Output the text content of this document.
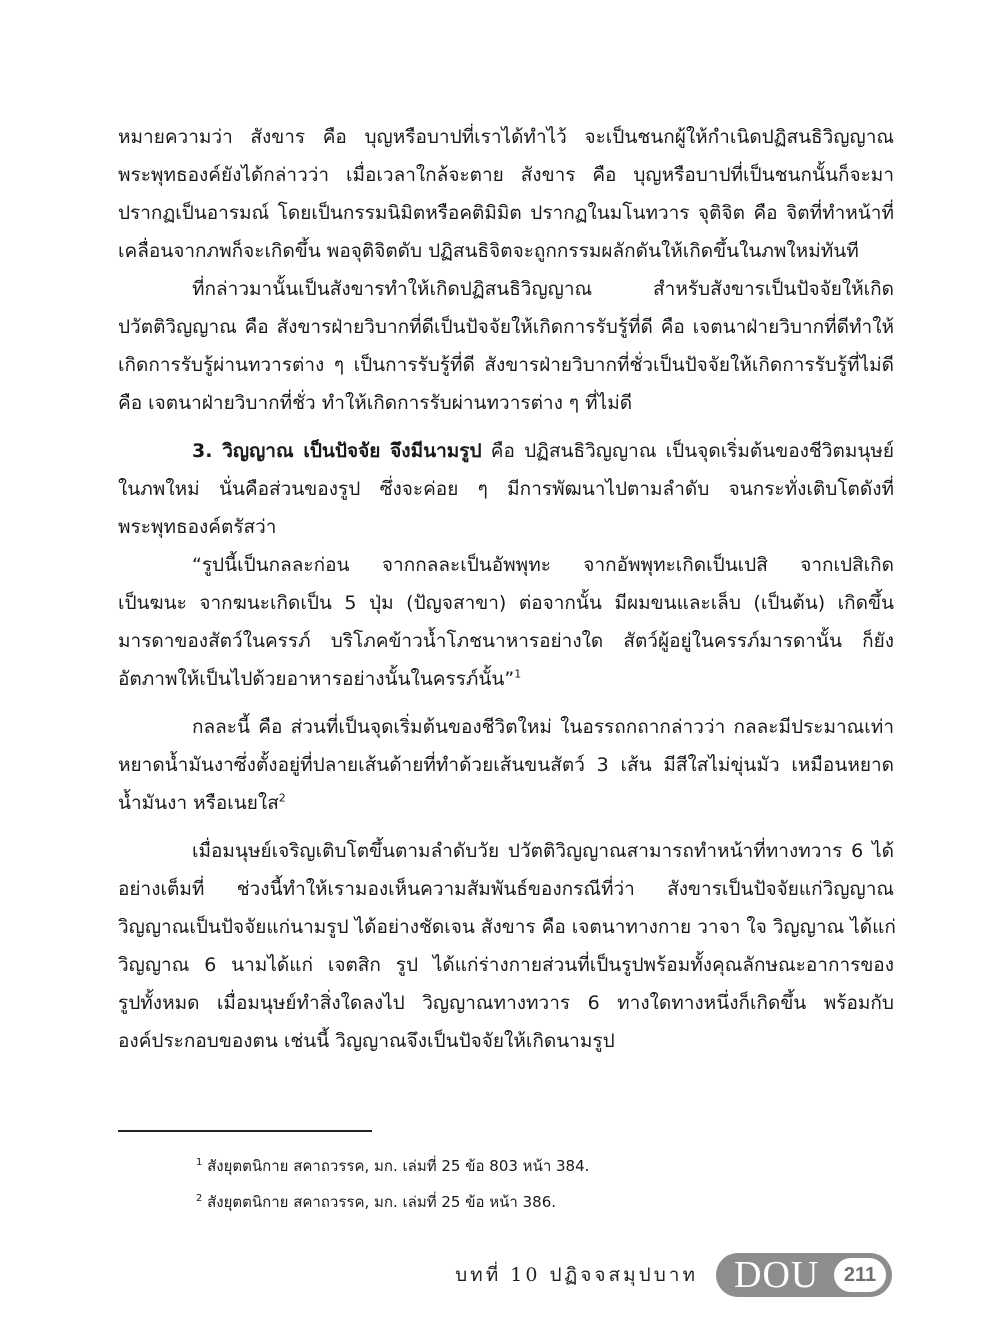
หมายความว่า สังขาร คือ บุญหรือบาปที่เราได้ทำไว้ จะเป็นชนกผู้ให้กำเนิดปฏิสนธิวิญญาณ
พระพุทธองค์ยังได้กล่าวว่า เมื่อเวลาใกล้จะตาย สังขาร คือ บุญหรือบาปที่เป็นชนกนั้นก็จะมา
ปรากฏเป็นอารมณ์ โดยเป็นกรรมนิมิตหรือคติมิมิต ปรากฏในมโนทวาร จุติจิต คือ จิตที่ทำหน้าที่
เคลื่อนจากภพก็จะเกิดขึ้น พอจุติจิตดับ ปฏิสนธิจิตจะถูกกรรมผลักดันให้เกิดขึ้นในภพใหม่ทันที
ที่กล่าวมานั้นเป็นสังขารทำให้เกิดปฏิสนธิวิญญาณ สำหรับสังขารเป็นปัจจัยให้เกิด
ปวัตติวิญญาณ คือ สังขารฝ่ายวิบากที่ดีเป็นปัจจัยให้เกิดการรับรู้ที่ดี คือ เจตนาฝ่ายวิบากที่ดีทำให้
เกิดการรับรู้ผ่านทวารต่าง ๆ เป็นการรับรู้ที่ดี สังขารฝ่ายวิบากที่ชั่วเป็นปัจจัยให้เกิดการรับรู้ที่ไม่ดี
คือ เจตนาฝ่ายวิบากที่ชั่ว ทำให้เกิดการรับผ่านทวารต่าง ๆ ที่ไม่ดี
3. วิญญาณ เป็นปัจจัย จึงมีนามรูป คือ ปฏิสนธิวิญญาณ เป็นจุดเริ่มต้นของชีวิตมนุษย์
ในภพใหม่ นั่นคือส่วนของรูป ซึ่งจะค่อย ๆ มีการพัฒนาไปตามลำดับ จนกระทั่งเติบโตดังที่
พระพุทธองค์ตรัสว่า
“รูปนี้เป็นกลละก่อน จากกลละเป็นอัพพุทะ จากอัพพุทะเกิดเป็นเปสิ จากเปสิเกิด
เป็นฆนะ จากฆนะเกิดเป็น 5 ปุ่ม (ปัญจสาขา) ต่อจากนั้น มีผมขนและเล็บ (เป็นต้น) เกิดขึ้น
มารดาของสัตว์ในครรภ์ บริโภคข้าวน้ำโภชนาหารอย่างใด สัตว์ผู้อยู่ในครรภ์มารดานั้น ก็ยัง
อัตภาพให้เป็นไปด้วยอาหารอย่างนั้นในครรภ์นั้น”$^1$
กลละนี้ คือ ส่วนที่เป็นจุดเริ่มต้นของชีวิตใหม่ ในอรรถกถากล่าวว่า กลละมีประมาณเท่า
หยาดน้ำมันงาซึ่งตั้งอยู่ที่ปลายเส้นด้ายที่ทำด้วยเส้นขนสัตว์ 3 เส้น มีสีใสไม่ขุ่นมัว เหมือนหยาด
น้ำมันงา หรือเนยใส$^2$
เมื่อมนุษย์เจริญเติบโตขึ้นตามลำดับวัย ปวัตติวิญญาณสามารถทำหน้าที่ทางทวาร 6 ได้
อย่างเต็มที่ ช่วงนี้ทำให้เรามองเห็นความสัมพันธ์ของกรณีที่ว่า สังขารเป็นปัจจัยแก่วิญญาณ
วิญญาณเป็นปัจจัยแก่นามรูป ได้อย่างชัดเจน สังขาร คือ เจตนาทางกาย วาจา ใจ วิญญาณ ได้แก่
วิญญาณ 6 นามได้แก่ เจตสิก รูป ได้แก่ร่างกายส่วนที่เป็นรูปพร้อมทั้งคุณลักษณะอาการของ
รูปทั้งหมด เมื่อมนุษย์ทำสิ่งใดลงไป วิญญาณทางทวาร 6 ทางใดทางหนึ่งก็เกิดขึ้น พร้อมกับ
องค์ประกอบของตน เช่นนี้ วิญญาณจึงเป็นปัจจัยให้เกิดนามรูป
$^1$ สังยุตตนิกาย สคาถวรรค, มก. เล่มที่ 25 ข้อ 803 หน้า 384.
$^2$ สังยุตตนิกาย สคาถวรรค, มก. เล่มที่ 25 ข้อ หน้า 386.
บทที่ 10 ปฏิจจสมุปบาท DOU	211
